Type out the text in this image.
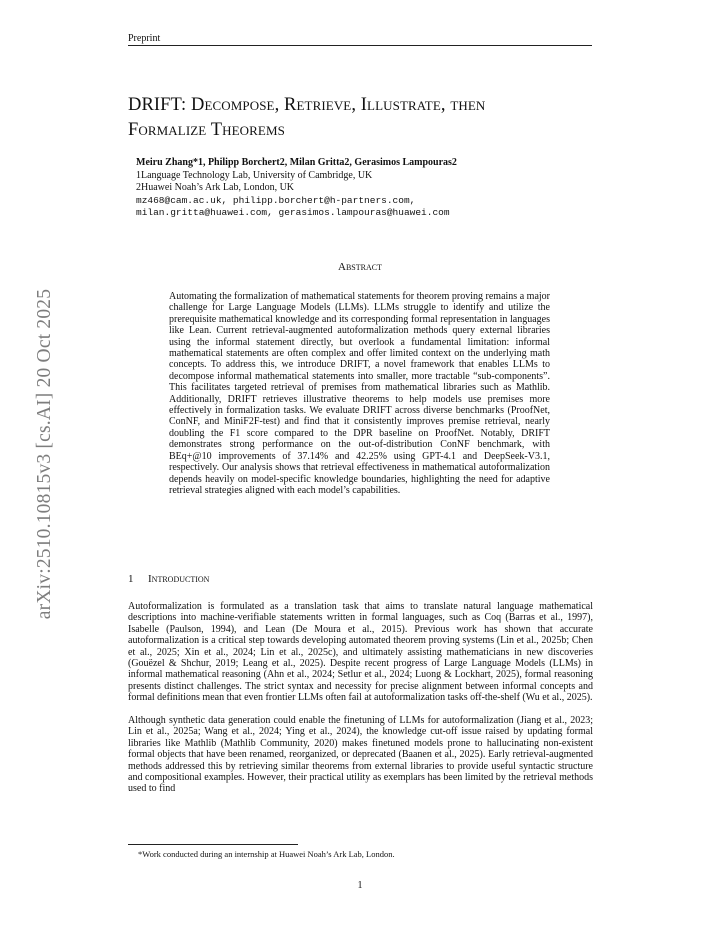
Preprint
arXiv:2510.10815v3 [cs.AI] 20 Oct 2025
DRIFT: Decompose, Retrieve, Illustrate, then
Formalize Theorems
Meiru Zhang*1, Philipp Borchert2, Milan Gritta2, Gerasimos Lampouras2
1Language Technology Lab, University of Cambridge, UK
2Huawei Noah’s Ark Lab, London, UK
mz468@cam.ac.uk, philipp.borchert@h-partners.com,
milan.gritta@huawei.com, gerasimos.lampouras@huawei.com
Abstract

Automating the formalization of mathematical statements for theorem proving remains a major challenge for Large Language Models (LLMs). LLMs struggle to identify and utilize the prerequisite mathematical knowledge and its corresponding formal representation in languages like Lean. Current retrieval-augmented autoformalization methods query external libraries using the informal statement directly, but overlook a fundamental limitation: informal mathematical statements are often complex and offer limited context on the underlying math concepts. To address this, we introduce DRIFT, a novel framework that enables LLMs to decompose informal mathematical statements into smaller, more tractable “sub-components”. This facilitates targeted retrieval of premises from mathematical libraries such as Mathlib. Additionally, DRIFT retrieves illustrative theorems to help models use premises more effectively in formalization tasks. We evaluate DRIFT across diverse benchmarks (ProofNet, ConNF, and MiniF2F-test) and find that it consistently improves premise retrieval, nearly doubling the F1 score compared to the DPR baseline on ProofNet. Notably, DRIFT demonstrates strong performance on the out-of-distribution ConNF benchmark, with BEq+@10 improvements of 37.14% and 42.25% using GPT-4.1 and DeepSeek-V3.1, respectively. Our analysis shows that retrieval effectiveness in mathematical autoformalization depends heavily on model-specific knowledge boundaries, highlighting the need for adaptive retrieval strategies aligned with each model’s capabilities.

1 Introduction

Autoformalization is formulated as a translation task that aims to translate natural language mathematical descriptions into machine-verifiable statements written in formal languages, such as Coq (Barras et al., 1997), Isabelle (Paulson, 1994), and Lean (De Moura et al., 2015). Previous work has shown that accurate autoformalization is a critical step towards developing automated theorem proving systems (Lin et al., 2025b; Chen et al., 2025; Xin et al., 2024; Lin et al., 2025c), and ultimately assisting mathematicians in new discoveries (Gouëzel & Shchur, 2019; Leang et al., 2025). Despite recent progress of Large Language Models (LLMs) in informal mathematical reasoning (Ahn et al., 2024; Setlur et al., 2024; Luong & Lockhart, 2025), formal reasoning presents distinct challenges. The strict syntax and necessity for precise alignment between informal concepts and formal definitions mean that even frontier LLMs often fail at autoformalization tasks off-the-shelf (Wu et al., 2025).

Although synthetic data generation could enable the finetuning of LLMs for autoformalization (Jiang et al., 2023; Lin et al., 2025a; Wang et al., 2024; Ying et al., 2024), the knowledge cut-off issue raised by updating formal libraries like Mathlib (Mathlib Community, 2020) makes finetuned models prone to hallucinating non-existent formal objects that have been renamed, reorganized, or deprecated (Baanen et al., 2025). Early retrieval-augmented methods addressed this by retrieving similar theorems from external libraries to provide useful syntactic structure and compositional examples. However, their practical utility as exemplars has been limited by the retrieval methods used to find

*Work conducted during an internship at Huawei Noah’s Ark Lab, London.
1
